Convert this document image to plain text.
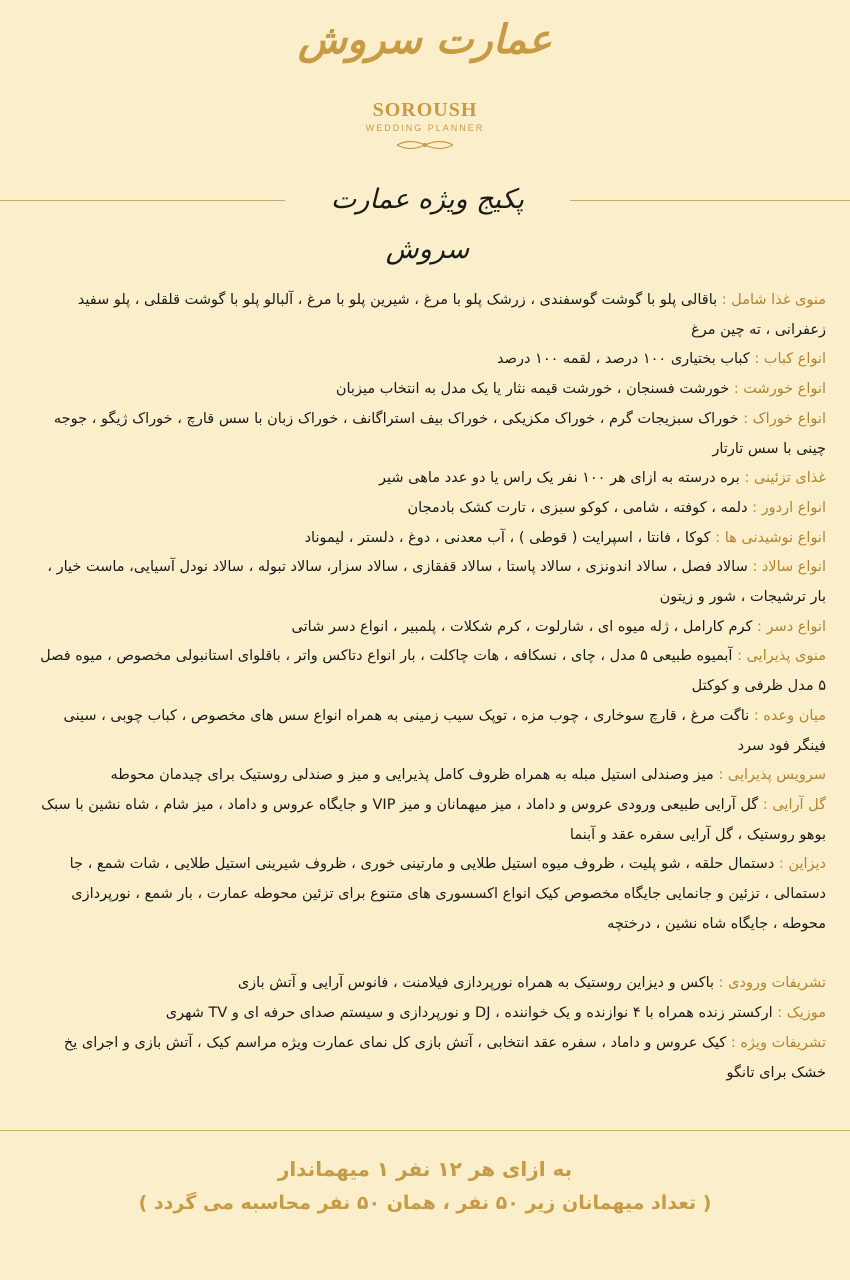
عمارت سروش
SOROUSH
WEDDING PLANNER
پکیج ویژه عمارت سروش

منوی غذا شامل : باقالی پلو با گوشت گوسفندی ، زرشک پلو با مرغ ، شیرین پلو با مرغ ، آلبالو پلو با گوشت قلقلی ، پلو سفید زعفرانی ، ته چین مرغ

انواع کباب : کباب بختیاری ۱۰۰ درصد ، لقمه ۱۰۰ درصد

انواع خورشت : خورشت فسنجان ، خورشت قیمه نثار یا یک مدل به انتخاب میزبان

انواع خوراک : خوراک سبزیجات گرم ، خوراک مکزیکی ، خوراک بیف استراگانف ، خوراک زبان با سس قارچ ، خوراک ژیگو ، جوجه چینی با سس تارتار

غذای تزئینی : بره درسته به ازای هر ۱۰۰ نفر یک راس یا دو عدد ماهی شیر

انواع اردور : دلمه ، کوفته ، شامی ، کوکو سبزی ، تارت کشک بادمجان

انواع نوشیدنی ها : کوکا ، فانتا ، اسپرایت ( قوطی ) ، آب معدنی ، دوغ ، دلستر ، لیموناد

انواع سالاد : سالاد فصل ، سالاد اندونزی ، سالاد پاستا ، سالاد قفقازی ، سالاد سزار، سالاد تبوله ، سالاد نودل آسیایی، ماست خیار ، بار ترشیجات ، شور و زیتون

انواع دسر : کرم کارامل ، ژله میوه ای ، شارلوت ، کرم شکلات ، پلمبیر ، انواع دسر شاتی

منوی پذیرایی : آبمیوه طبیعی ۵ مدل ، چای ، نسکافه ، هات چاکلت ، بار انواع دتاکس واتر ، باقلوای استانبولی مخصوص ، میوه فصل ۵ مدل ظرفی و کوکتل

میان وعده : ناگت مرغ ، قارچ سوخاری ، چوب مزه ، توپک سیب زمینی به همراه انواع سس های مخصوص ، کباب چوبی ، سینی فینگر فود سرد

سرویس پذیرایی : میز وصندلی استیل مبله به همراه ظروف کامل پذیرایی و میز و صندلی روستیک برای چیدمان محوطه

گل آرایی : گل آرایی طبیعی ورودی عروس و داماد ، میز میهمانان و میز VIP و جایگاه عروس و داماد ، میز شام ، شاه نشین با سبک بوهو روستیک ، گل آرایی سفره عقد و آبنما

دیزاین : دستمال حلقه ، شو پلیت ، ظروف میوه استیل طلایی و مارتینی خوری ، ظروف شیرینی استیل طلایی ، شات شمع ، جا دستمالی ، تزئین و جانمایی جایگاه مخصوص کیک انواع اکسسوری های متنوع برای تزئین محوطه عمارت ، بار شمع ، نورپردازی محوطه ، جایگاه شاه نشین ، درختچه

تشریفات ورودی : باکس و دیزاین روستیک به همراه نورپردازی فیلامنت ، فانوس آرایی و آتش بازی

موزیک : ارکستر زنده همراه با ۴ نوازنده و یک خواننده ، DJ و نورپردازی و سیستم صدای حرفه ای و TV شهری

تشریفات ویژه : کیک عروس و داماد ، سفره عقد انتخابی ، آتش بازی کل نمای عمارت ویژه مراسم کیک ، آتش بازی و اجرای یخ خشک برای تانگو

به ازای هر ۱۲ نفر ۱ میهماندار
( تعداد میهمانان زیر ۵۰ نفر ، همان ۵۰ نفر محاسبه می گردد )
